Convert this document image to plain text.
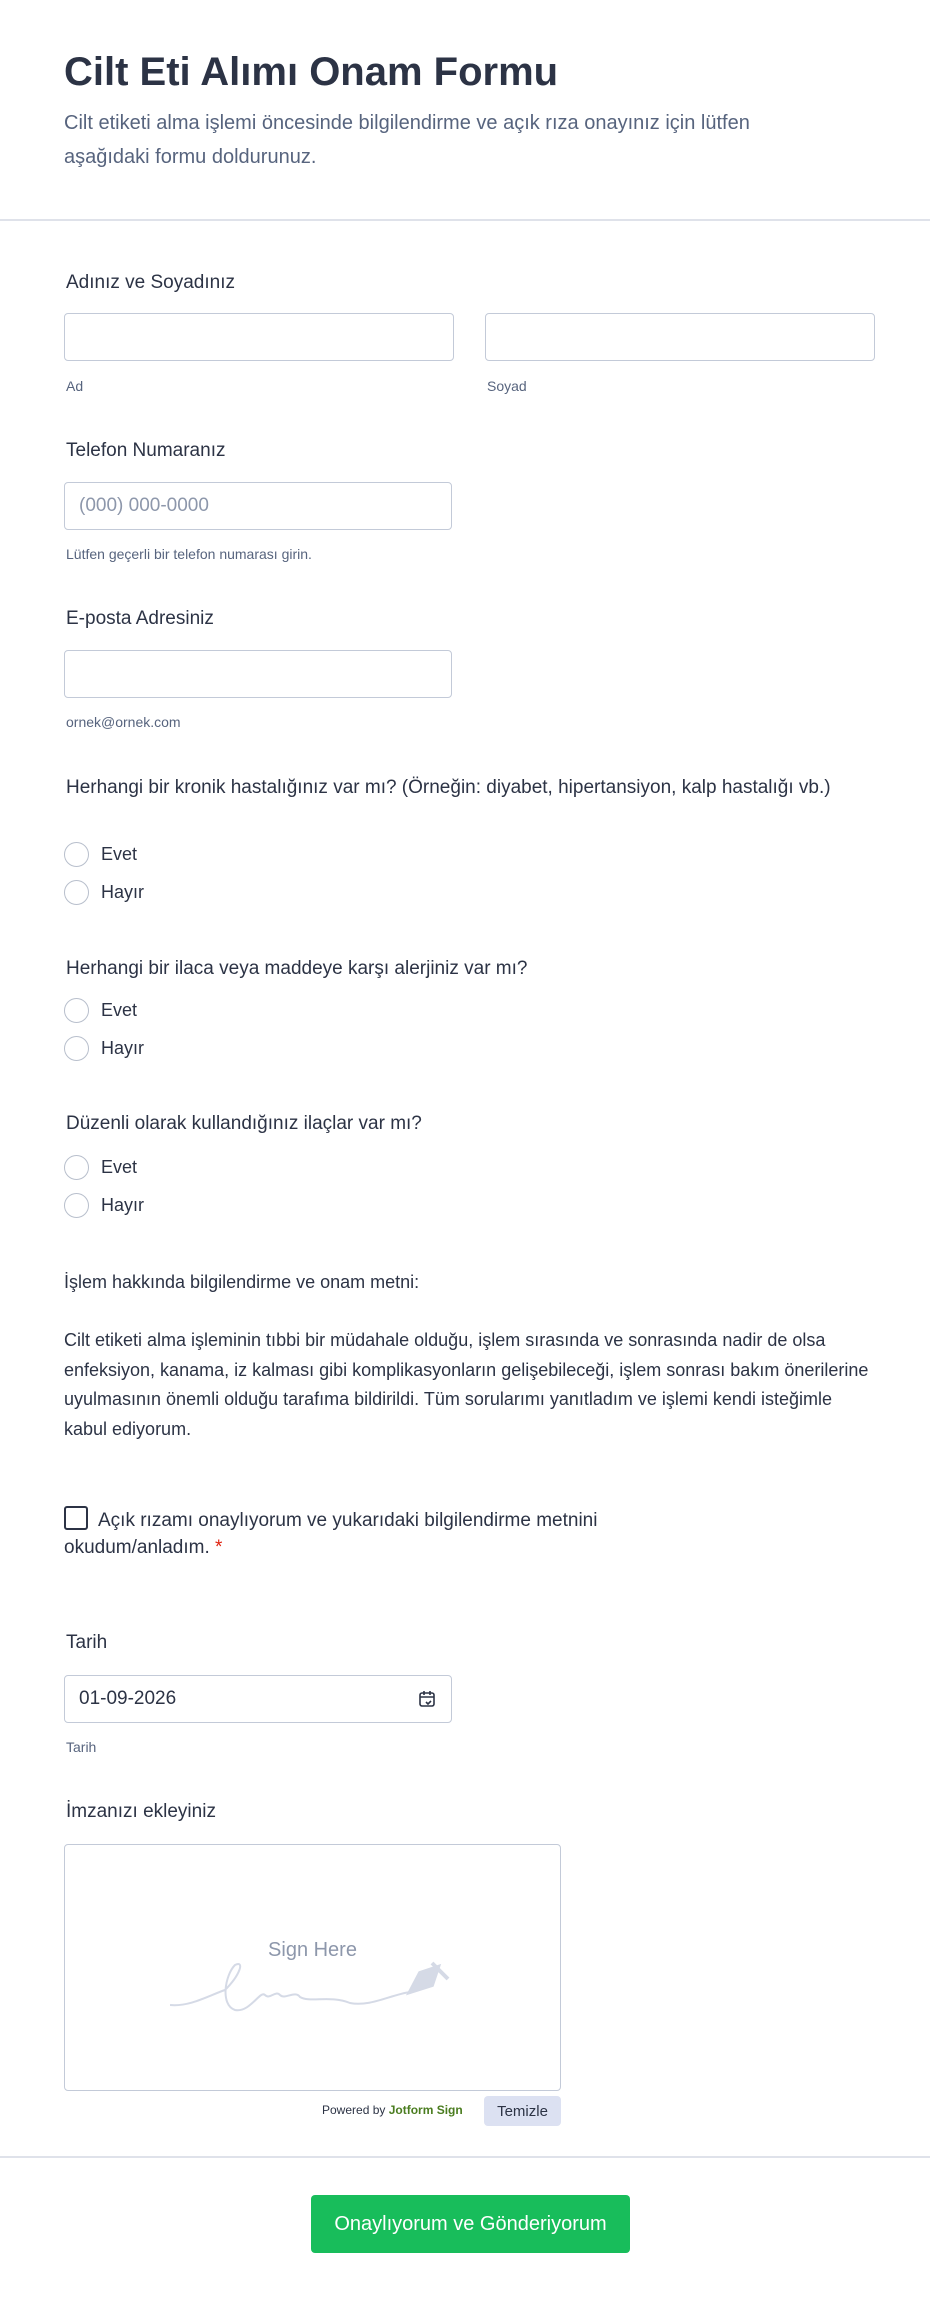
Cilt Eti Alımı Onam Formu

Cilt etiketi alma işlemi öncesinde bilgilendirme ve açık rıza onayınız için lütfen aşağıdaki formu doldurunuz.

Adınız ve Soyadınız
Ad	Soyad
Telefon Numaranız
(000) 000-0000
Lütfen geçerli bir telefon numarası girin.
E-posta Adresiniz
ornek@ornek.com
Herhangi bir kronik hastalığınız var mı? (Örneğin: diyabet, hipertansiyon, kalp hastalığı vb.)
Evet
Hayır
Herhangi bir ilaca veya maddeye karşı alerjiniz var mı?
Evet
Hayır
Düzenli olarak kullandığınız ilaçlar var mı?
Evet
Hayır
İşlem hakkında bilgilendirme ve onam metni:
Cilt etiketi alma işleminin tıbbi bir müdahale olduğu, işlem sırasında ve sonrasında nadir de olsa enfeksiyon, kanama, iz kalması gibi komplikasyonların gelişebileceği, işlem sonrası bakım önerilerine uyulmasının önemli olduğu tarafıma bildirildi. Tüm sorularımı yanıtladım ve işlemi kendi isteğimle kabul ediyorum.
Açık rızamı onaylıyorum ve yukarıdaki bilgilendirme metnini okudum/anladım. *
Tarih
01-09-2026
Tarih
İmzanızı ekleyiniz
Sign Here
Powered by Jotform Sign	Temizle
Onaylıyorum ve Gönderiyorum
